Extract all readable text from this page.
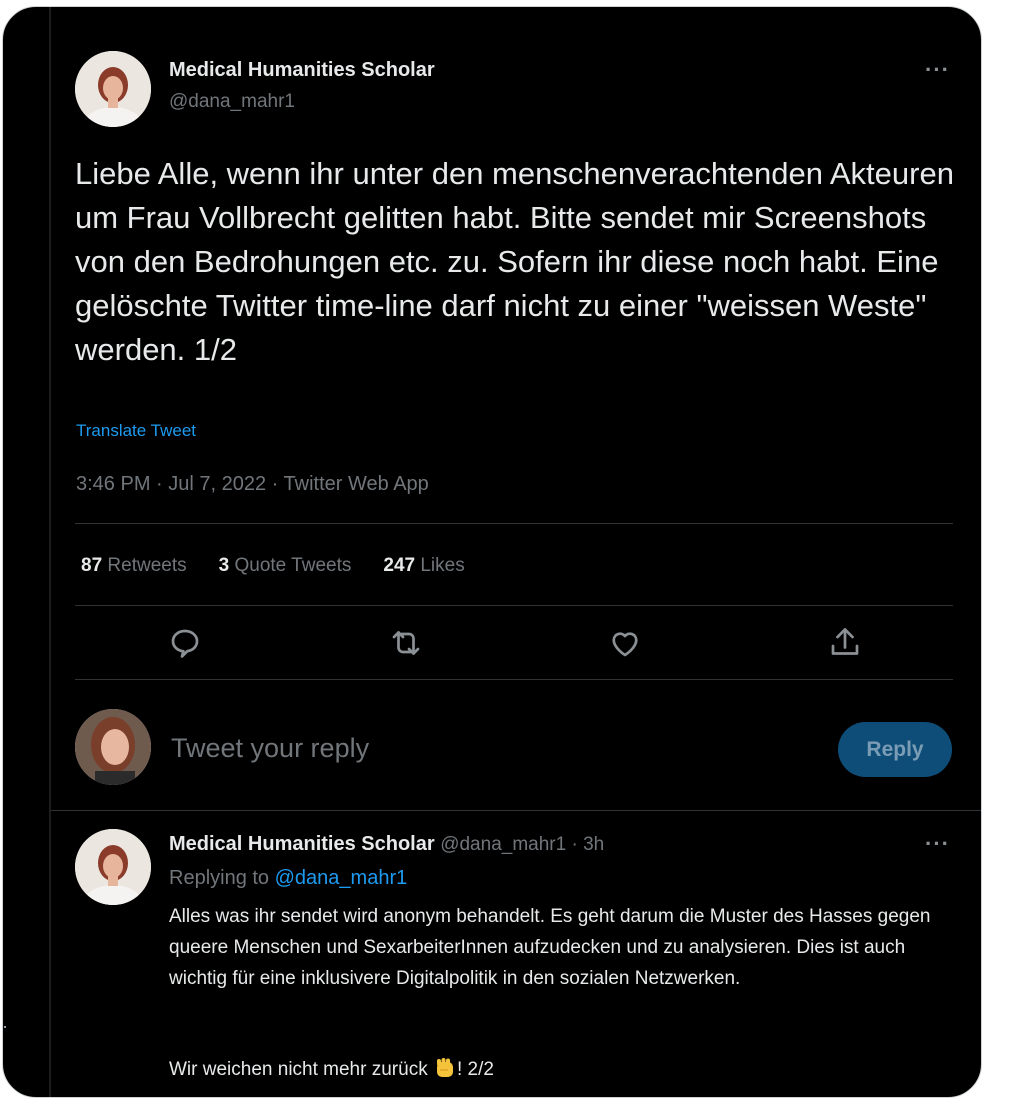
Medical Humanities Scholar
@dana_mahr1
···

Liebe Alle, wenn ihr unter den menschenverachtenden Akteuren um Frau Vollbrecht gelitten habt. Bitte sendet mir Screenshots von den Bedrohungen etc. zu. Sofern ihr diese noch habt. Eine gelöschte Twitter time-line darf nicht zu einer "weissen Weste" werden. 1/2

Translate Tweet
3:46 PM · Jul 7, 2022 · Twitter Web App
87 Retweets 3 Quote Tweets 247 Likes
Tweet your reply	Reply
Medical Humanities Scholar @dana_mahr1 · 3h	···
Replying to @dana_mahr1

Alles was ihr sendet wird anonym behandelt. Es geht darum die Muster des Hasses gegen queere Menschen und SexarbeiterInnen aufzudecken und zu analysieren. Dies ist auch wichtig für eine inklusivere Digitalpolitik in den sozialen Netzwerken.

Wir weichen nicht mehr zurück ! 2/2
